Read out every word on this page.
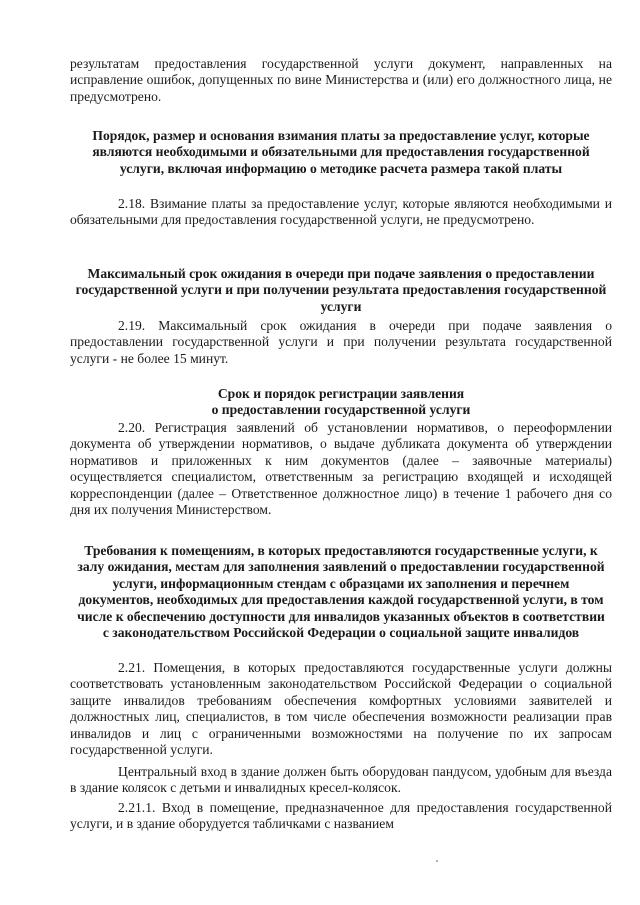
результатам предоставления государственной услуги документ, направленных на исправление ошибок, допущенных по вине Министерства и (или) его должностного лица, не предусмотрено.

Порядок, размер и основания взимания платы за предоставление услуг, которые являются необходимыми и обязательными для предоставления государственной услуги, включая информацию о методике расчета размера такой платы

2.18. Взимание платы за предоставление услуг, которые являются необходимыми и обязательными для предоставления государственной услуги, не предусмотрено.

Максимальный срок ожидания в очереди при подаче заявления о предоставлении государственной услуги и при получении результата предоставления государственной услуги

2.19. Максимальный срок ожидания в очереди при подаче заявления о предоставлении государственной услуги и при получении результата государственной услуги - не более 15 минут.

Срок и порядок регистрации заявления
о предоставлении государственной услуги

2.20. Регистрация заявлений об установлении нормативов, о переоформлении документа об утверждении нормативов, о выдаче дубликата документа об утверждении нормативов и приложенных к ним документов (далее – заявочные материалы) осуществляется специалистом, ответственным за регистрацию входящей и исходящей корреспонденции (далее – Ответственное должностное лицо) в течение 1 рабочего дня со дня их получения Министерством.

Требования к помещениям, в которых предоставляются государственные услуги, к залу ожидания, местам для заполнения заявлений о предоставлении государственной услуги, информационным стендам с образцами их заполнения и перечнем документов, необходимых для предоставления каждой государственной услуги, в том числе к обеспечению доступности для инвалидов указанных объектов в соответствии с законодательством Российской Федерации о социальной защите инвалидов

2.21. Помещения, в которых предоставляются государственные услуги должны соответствовать установленным законодательством Российской Федерации о социальной защите инвалидов требованиям обеспечения комфортных условиями заявителей и должностных лиц, специалистов, в том числе обеспечения возможности реализации прав инвалидов и лиц с ограниченными возможностями на получение по их запросам государственной услуги.

Центральный вход в здание должен быть оборудован пандусом, удобным для въезда в здание колясок с детьми и инвалидных кресел-колясок.

2.21.1. Вход в помещение, предназначенное для предоставления государственной услуги, и в здание оборудуется табличками с названием
